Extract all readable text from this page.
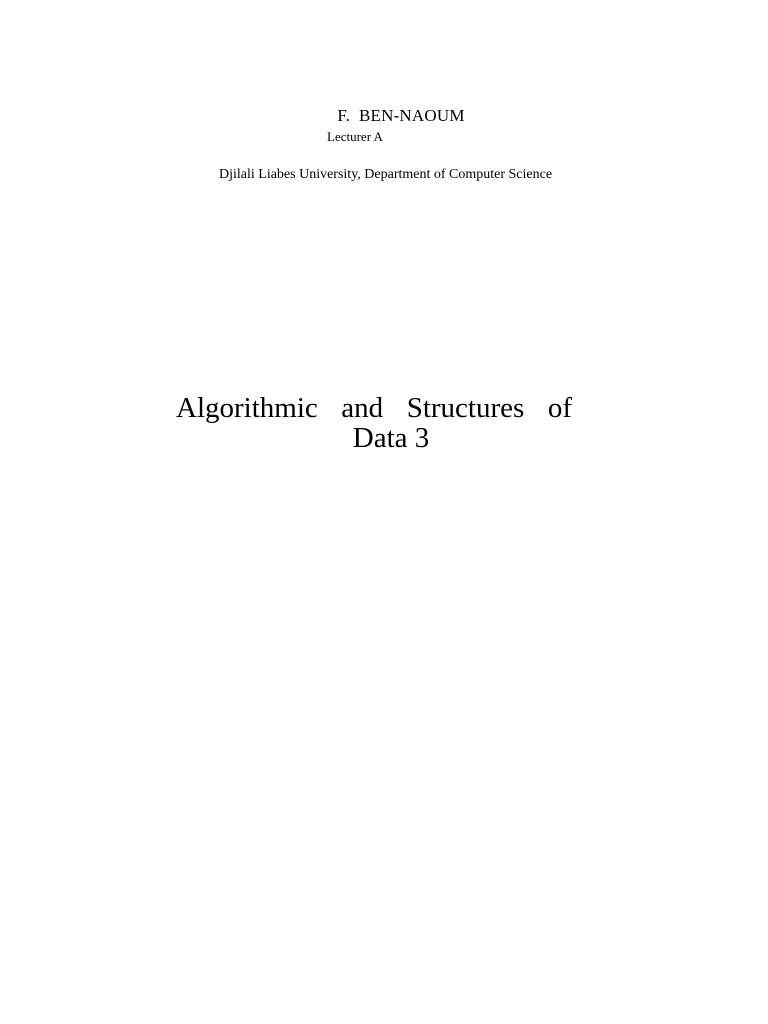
F.  BEN-NAOUM
Lecturer A
Djilali Liabes University, Department of Computer Science
Algorithmic and Structures of
Data 3
